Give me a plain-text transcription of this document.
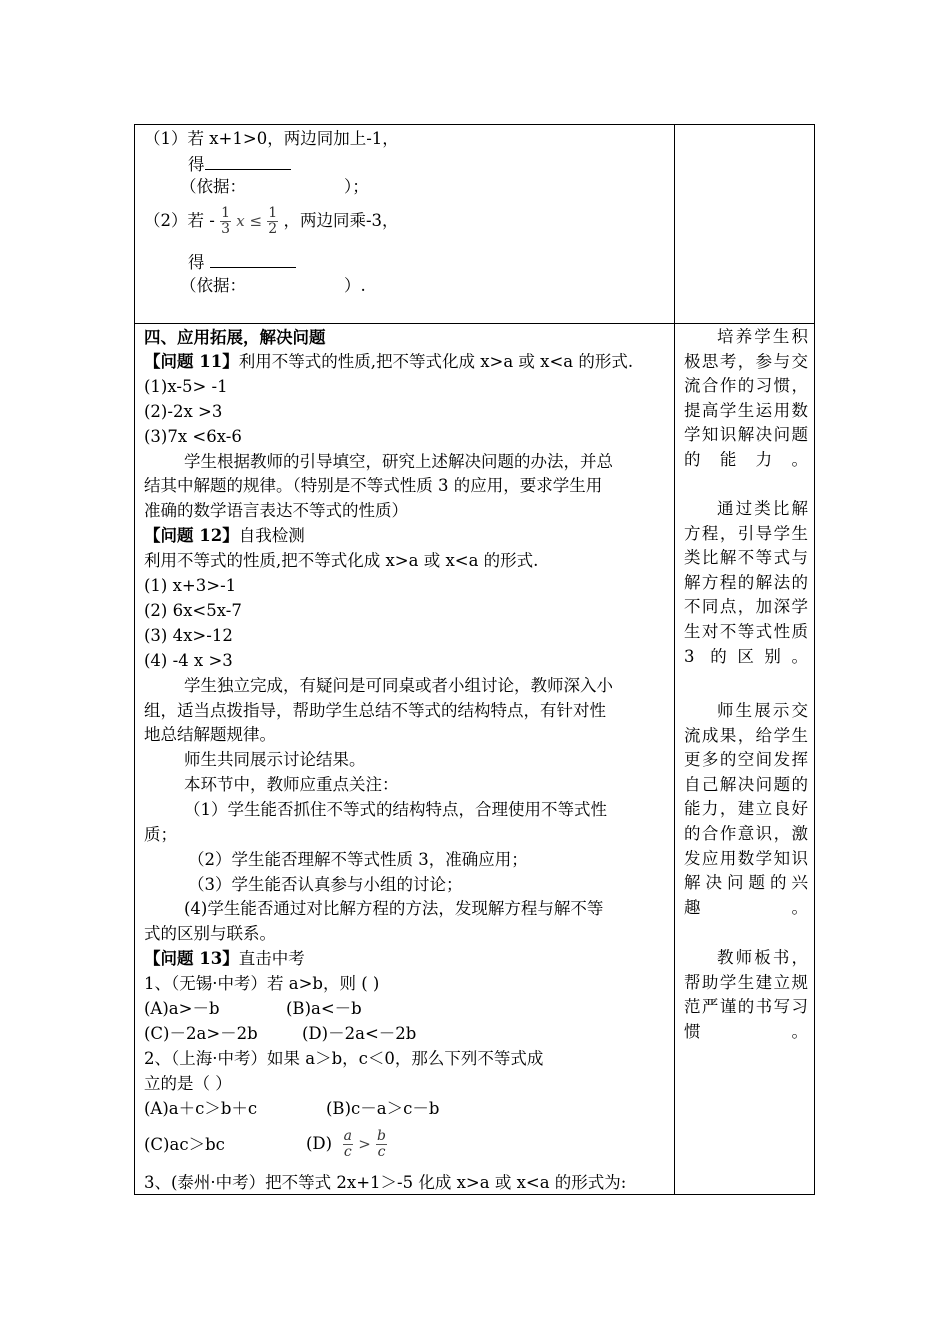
（1）若 x+1>0，两边同加上-1，
得
（依据：	）；
（2）若 - $\frac{1}{3}$ $x \le \frac{1}{2}$ ，两边同乘-3，
得
（依据：	）.
四、应用拓展，解决问题
【问题 11】利用不等式的性质,把不等式化成 x>a 或 x<a 的形式.
(1)x-5> -1
(2)-2x >3
(3)7x <6x-6
学生根据教师的引导填空，研究上述解决问题的办法，并总
结其中解题的规律。（特别是不等式性质 3 的应用，要求学生用
准确的数学语言表达不等式的性质）
【问题 12】自我检测
利用不等式的性质,把不等式化成 x>a 或 x<a 的形式.
(1) x+3>-1
(2) 6x<5x-7
(3) 4x>-12
(4) -4 x >3
学生独立完成，有疑问是可同桌或者小组讨论，教师深入小
组，适当点拨指导，帮助学生总结不等式的结构特点，有针对性
地总结解题规律。
师生共同展示讨论结果。
本环节中，教师应重点关注：
（1）学生能否抓住不等式的结构特点，合理使用不等式性
质；
（2）学生能否理解不等式性质 3，准确应用；
（3）学生能否认真参与小组的讨论；
(4)学生能否通过对比解方程的方法，发现解方程与解不等
式的区别与联系。
【问题 13】直击中考
1、（无锡·中考）若 a>b，则 ( )
(A)a>－b	(B)a<－b
(C)－2a>－2b	(D)－2a<－2b
2、（上海·中考）如果 a＞b，c＜0，那么下列不等式成
立的是（ ）
(A)a＋c＞b＋c	(B)c－a＞c－b
(C)ac＞bc	$(D) \frac{a}{c} > \frac{b}{c}$
3、(泰州·中考）把不等式 2x+1＞-5 化成 x>a 或 x<a 的形式为:
培养学生积极思考，参与交流合作的习惯，提高学生运用数学知识解决问题的能力。
通过类比解方程，引导学生类比解不等式与解方程的解法的不同点，加深学生对不等式性质 3 的区别。
师生展示交流成果，给学生更多的空间发挥自己解决问题的能力，建立良好的合作意识，激发应用数学知识解决问题的兴趣。
教师板书，帮助学生建立规范严谨的书写习惯。
